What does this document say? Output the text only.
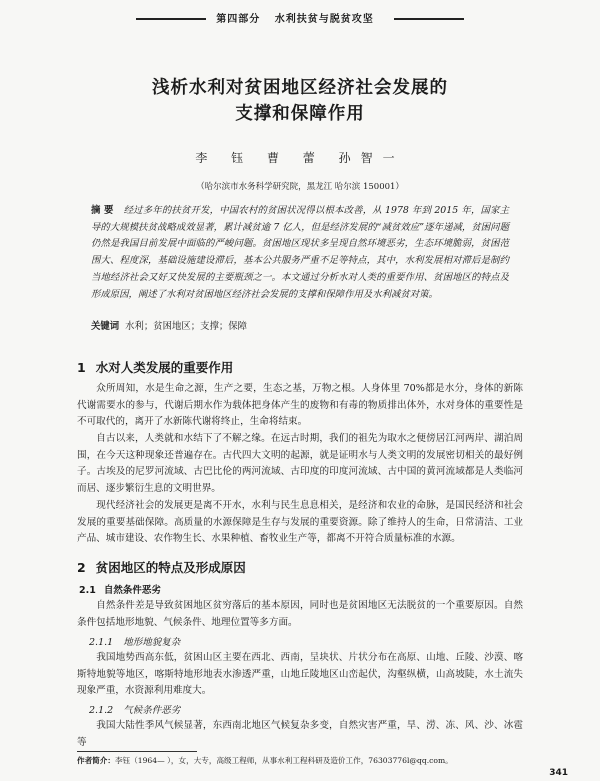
第四部分 水利扶贫与脱贫攻坚
浅析水利对贫困地区经济社会发展的
支撑和保障作用
李 钰 曹 蕾 孙智一
（哈尔滨市水务科学研究院，黑龙江 哈尔滨 150001）
摘 要 经过多年的扶贫开发，中国农村的贫困状况得以根本改善，从 1978 年到 2015 年，国家主导的大规模扶贫战略成效显著，累计减贫逾 7 亿人，但是经济发展的“减贫效应”逐年递减，贫困问题仍然是我国目前发展中面临的严峻问题。贫困地区现状多呈现自然环境恶劣，生态环境脆弱，贫困范围大、程度深，基础设施建设滞后，基本公共服务严重不足等特点，其中，水利发展相对滞后是制约当地经济社会又好又快发展的主要瓶颈之一。本文通过分析水对人类的重要作用、贫困地区的特点及形成原因，阐述了水利对贫困地区经济社会发展的支撑和保障作用及水利减贫对策。
关键词 水利；贫困地区；支撑；保障
1 水对人类发展的重要作用
众所周知，水是生命之源，生产之要，生态之基，万物之根。人身体里 70%都是水分，身体的新陈代谢需要水的参与，代谢后期水作为载体把身体产生的废物和有毒的物质排出体外，水对身体的重要性是不可取代的，离开了水新陈代谢将终止，生命将结束。
自古以来，人类就和水结下了不解之缘。在远古时期，我们的祖先为取水之便傍居江河两岸、湖泊周围，在今天这种现象还普遍存在。古代四大文明的起源，就是证明水与人类文明的发展密切相关的最好例子。古埃及的尼罗河流域、古巴比伦的两河流域、古印度的印度河流域、古中国的黄河流域都是人类临河而居、逐步繁衍生息的文明世界。
现代经济社会的发展更是离不开水，水利与民生息息相关，是经济和农业的命脉，是国民经济和社会发展的重要基础保障。高质量的水源保障是生存与发展的重要资源。除了维持人的生命，日常清洁、工业产品、城市建设、农作物生长、水果种植、畜牧业生产等，都离不开符合质量标准的水源。
2 贫困地区的特点及形成原因
2.1 自然条件恶劣
自然条件差是导致贫困地区贫穷落后的基本原因，同时也是贫困地区无法脱贫的一个重要原因。自然条件包括地形地貌、气候条件、地理位置等多方面。
2.1.1 地形地貌复杂
我国地势西高东低，贫困山区主要在西北、西南，呈块状、片状分布在高原、山地、丘陵、沙漠、喀斯特地貌等地区，喀斯特地形地表水渗透严重，山地丘陵地区山峦起伏，沟壑纵横，山高坡陡，水土流失现象严重，水资源利用难度大。
2.1.2 气候条件恶劣
我国大陆性季风气候显著，东西南北地区气候复杂多变，自然灾害严重，旱、涝、冻、风、沙、冰雹等
作者简介：李钰（1964— ），女，大专，高级工程师，从事水利工程科研及造价工作，76303776l@qq.com。
341
